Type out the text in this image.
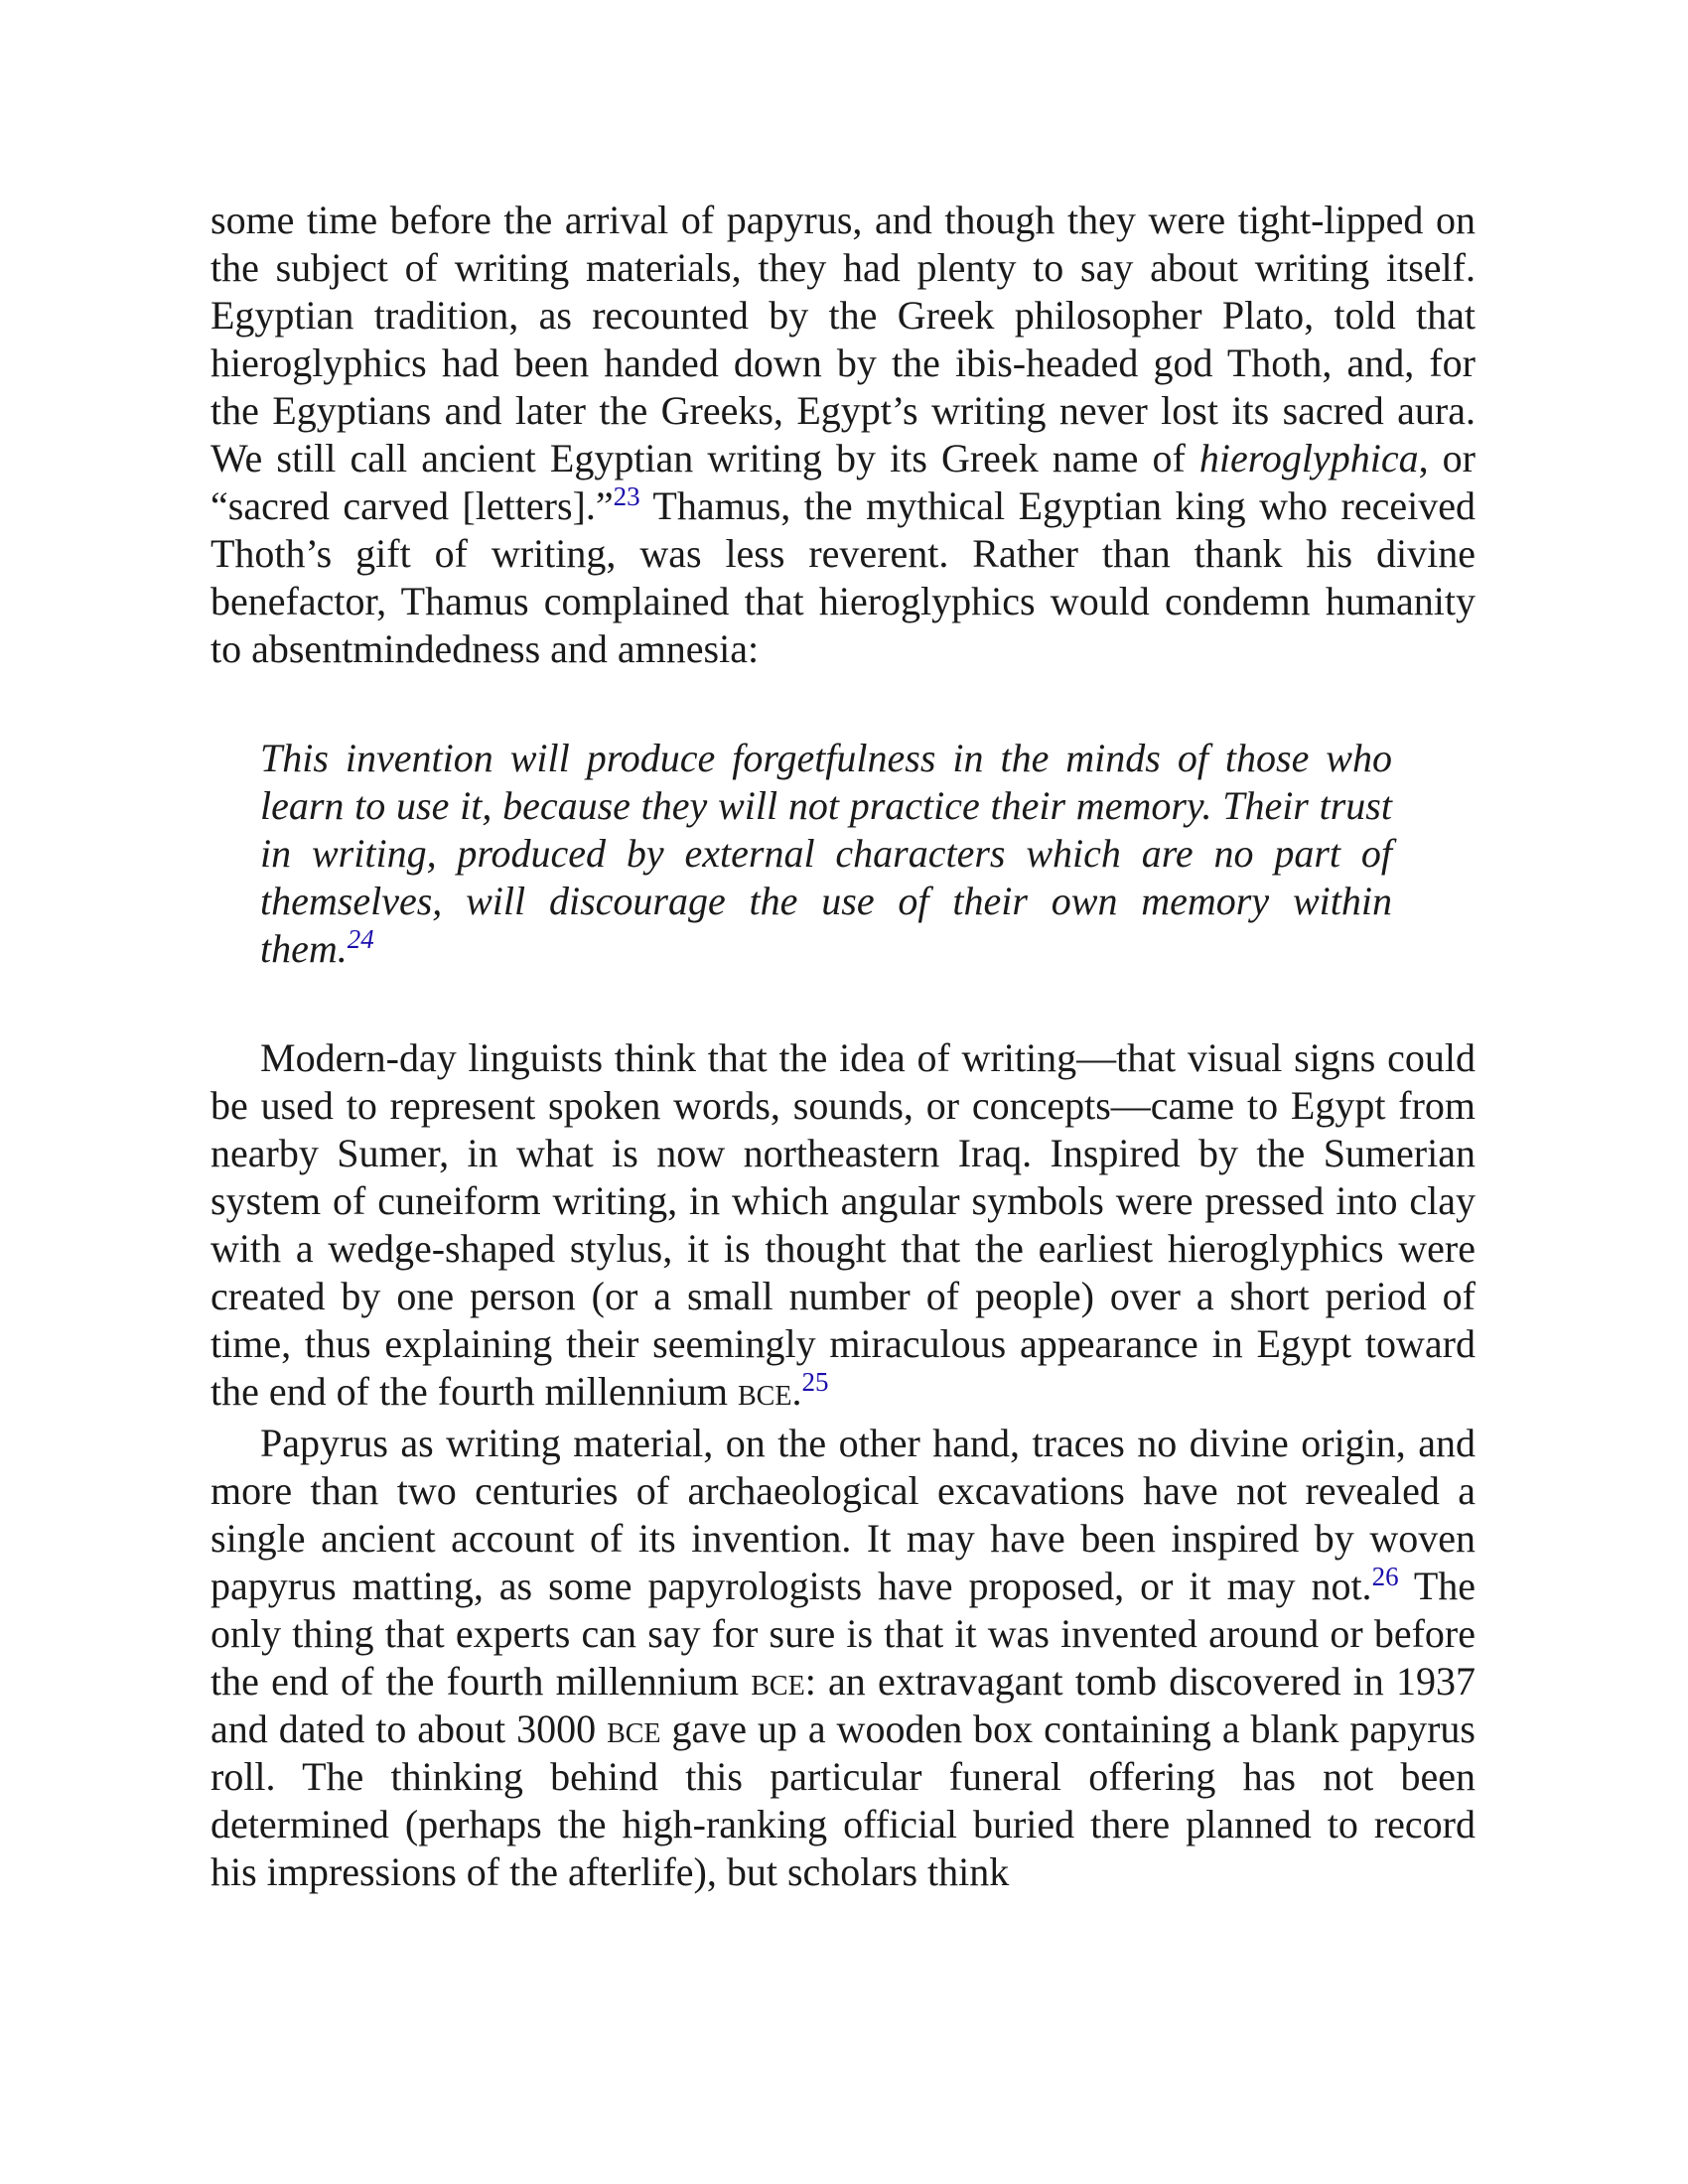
some time before the arrival of papyrus, and though they were tight-lipped on the subject of writing materials, they had plenty to say about writing itself. Egyptian tradition, as recounted by the Greek philosopher Plato, told that hieroglyphics had been handed down by the ibis-headed god Thoth, and, for the Egyptians and later the Greeks, Egypt’s writing never lost its sacred aura. We still call ancient Egyptian writing by its Greek name of hieroglyphica, or “sacred carved [letters].”$^{23}$ Thamus, the mythical Egyptian king who received Thoth’s gift of writing, was less reverent. Rather than thank his divine benefactor, Thamus complained that hieroglyphics would condemn humanity to absentmindedness and amnesia:

This invention will produce forgetfulness in the minds of those who learn to use it, because they will not practice their memory. Their trust in writing, produced by external characters which are no part of themselves, will discourage the use of their own memory within them.$^{24}$

Modern-day linguists think that the idea of writing—that visual signs could be used to represent spoken words, sounds, or concepts—came to Egypt from nearby Sumer, in what is now northeastern Iraq. Inspired by the Sumerian system of cuneiform writing, in which angular symbols were pressed into clay with a wedge-shaped stylus, it is thought that the earliest hieroglyphics were created by one person (or a small number of people) over a short period of time, thus explaining their seemingly miraculous appearance in Egypt toward the end of the fourth millennium bce.$^{25}$

Papyrus as writing material, on the other hand, traces no divine origin, and more than two centuries of archaeological excavations have not revealed a single ancient account of its invention. It may have been inspired by woven papyrus matting, as some papyrologists have proposed, or it may not.$^{26}$ The only thing that experts can say for sure is that it was invented around or before the end of the fourth millennium bce: an extravagant tomb discovered in 1937 and dated to about 3000 bce gave up a wooden box containing a blank papyrus roll. The thinking behind this particular funeral offering has not been determined (perhaps the high-ranking official buried there planned to record his impressions of the afterlife), but scholars think
